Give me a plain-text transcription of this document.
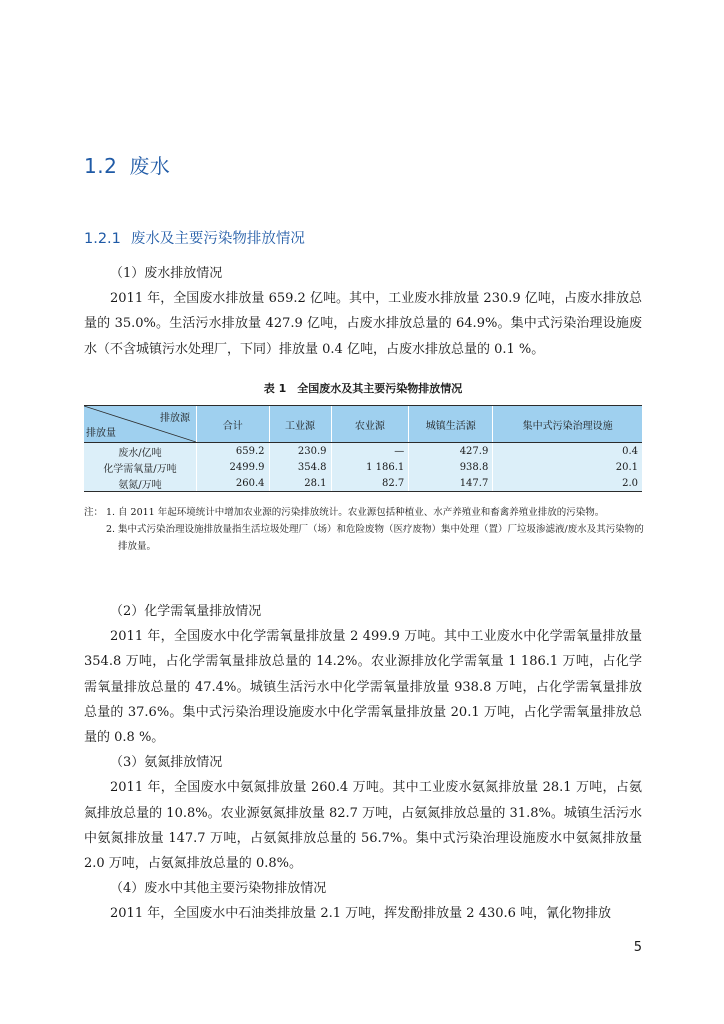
1.2 废水
1.2.1 废水及主要污染物排放情况

（1）废水排放情况

2011 年，全国废水排放量 659.2 亿吨。其中，工业废水排放量 230.9 亿吨，占废水排放总量的 35.0%。生活污水排放量 427.9 亿吨，占废水排放总量的 64.9%。集中式污染治理设施废水（不含城镇污水处理厂，下同）排放量 0.4 亿吨，占废水排放总量的 0.1 %。

表 1　全国废水及其主要污染物排放情况
排放源
排放量	合计	工业源	农业源	城镇生活源	集中式污染治理设施
废水/亿吨	659.2	230.9	—	427.9	0.4
化学需氧量/万吨	2499.9	354.8	1 186.1	938.8	20.1
氨氮/万吨	260.4	28.1	82.7	147.7	2.0
注： 1. 自 2011 年起环境统计中增加农业源的污染排放统计。农业源包括种植业、水产养殖业和畜禽养殖业排放的污染物。
2. 集中式污染治理设施排放量指生活垃圾处理厂（场）和危险废物（医疗废物）集中处理（置）厂垃圾渗滤液/废水及其污染物的排放量。

（2）化学需氧量排放情况

2011 年，全国废水中化学需氧量排放量 2 499.9 万吨。其中工业废水中化学需氧量排放量 354.8 万吨，占化学需氧量排放总量的 14.2%。农业源排放化学需氧量 1 186.1 万吨，占化学需氧量排放总量的 47.4%。城镇生活污水中化学需氧量排放量 938.8 万吨，占化学需氧量排放总量的 37.6%。集中式污染治理设施废水中化学需氧量排放量 20.1 万吨，占化学需氧量排放总量的 0.8 %。

（3）氨氮排放情况

2011 年，全国废水中氨氮排放量 260.4 万吨。其中工业废水氨氮排放量 28.1 万吨，占氨氮排放总量的 10.8%。农业源氨氮排放量 82.7 万吨，占氨氮排放总量的 31.8%。城镇生活污水中氨氮排放量 147.7 万吨，占氨氮排放总量的 56.7%。集中式污染治理设施废水中氨氮排放量 2.0 万吨，占氨氮排放总量的 0.8%。

（4）废水中其他主要污染物排放情况

2011 年，全国废水中石油类排放量 2.1 万吨，挥发酚排放量 2 430.6 吨，氰化物排放

5
